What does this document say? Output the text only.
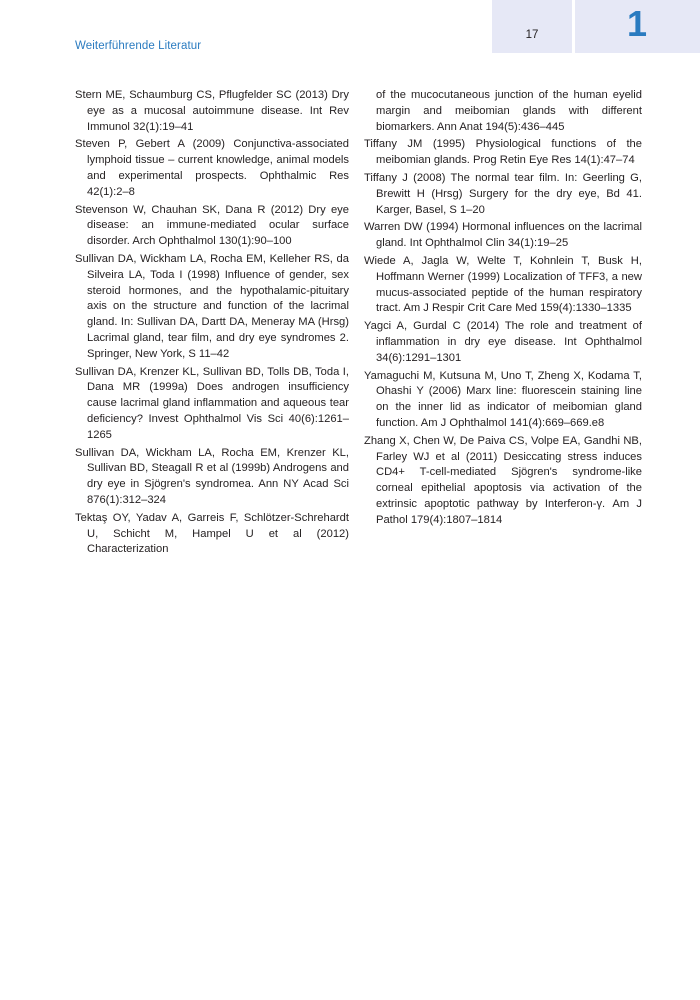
Weiterführende Literatur
17	1

Stern ME, Schaumburg CS, Pflugfelder SC (2013) Dry eye as a mucosal autoimmune disease. Int Rev Immunol 32(1):19–41

Steven P, Gebert A (2009) Conjunctiva-associated lymphoid tissue – current knowledge, animal models and experimental prospects. Ophthalmic Res 42(1):2–8

Stevenson W, Chauhan SK, Dana R (2012) Dry eye disease: an immune-mediated ocular surface disorder. Arch Ophthalmol 130(1):90–100

Sullivan DA, Wickham LA, Rocha EM, Kelleher RS, da Silveira LA, Toda I (1998) Influence of gender, sex steroid hormones, and the hypothalamic-pituitary axis on the structure and function of the lacrimal gland. In: Sullivan DA, Dartt DA, Meneray MA (Hrsg) Lacrimal gland, tear film, and dry eye syndromes 2. Springer, New York, S 11–42

Sullivan DA, Krenzer KL, Sullivan BD, Tolls DB, Toda I, Dana MR (1999a) Does androgen insufficiency cause lacrimal gland inflammation and aqueous tear deficiency? Invest Ophthalmol Vis Sci 40(6):1261–1265

Sullivan DA, Wickham LA, Rocha EM, Krenzer KL, Sullivan BD, Steagall R et al (1999b) Androgens and dry eye in Sjögren's syndromea. Ann NY Acad Sci 876(1):312–324

Tektaş OY, Yadav A, Garreis F, Schlötzer-Schrehardt U, Schicht M, Hampel U et al (2012) Characterization

of the mucocutaneous junction of the human eyelid margin and meibomian glands with different biomarkers. Ann Anat 194(5):436–445

Tiffany JM (1995) Physiological functions of the meibomian glands. Prog Retin Eye Res 14(1):47–74

Tiffany J (2008) The normal tear film. In: Geerling G, Brewitt H (Hrsg) Surgery for the dry eye, Bd 41. Karger, Basel, S 1–20

Warren DW (1994) Hormonal influences on the lacrimal gland. Int Ophthalmol Clin 34(1):19–25

Wiede A, Jagla W, Welte T, Kohnlein T, Busk H, Hoffmann Werner (1999) Localization of TFF3, a new mucus-associated peptide of the human respiratory tract. Am J Respir Crit Care Med 159(4):1330–1335

Yagci A, Gurdal C (2014) The role and treatment of inflammation in dry eye disease. Int Ophthalmol 34(6):1291–1301

Yamaguchi M, Kutsuna M, Uno T, Zheng X, Kodama T, Ohashi Y (2006) Marx line: fluorescein staining line on the inner lid as indicator of meibomian gland function. Am J Ophthalmol 141(4):669–669.e8

Zhang X, Chen W, De Paiva CS, Volpe EA, Gandhi NB, Farley WJ et al (2011) Desiccating stress induces CD4+ T-cell-mediated Sjögren's syndrome-like corneal epithelial apoptosis via activation of the extrinsic apoptotic pathway by Interferon-γ. Am J Pathol 179(4):1807–1814
